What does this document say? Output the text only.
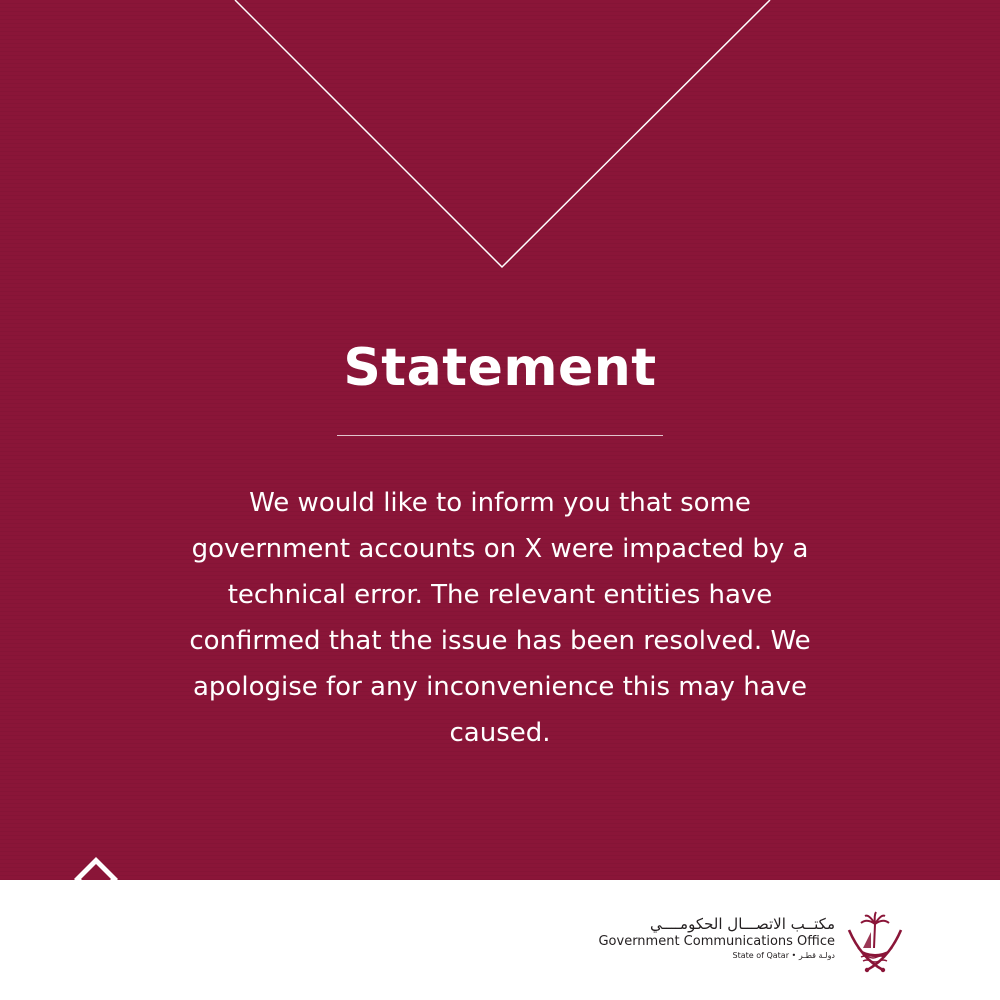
Statement

We would like to inform you that some government accounts on X were impacted by a technical error. The relevant entities have confirmed that the issue has been resolved. We apologise for any inconvenience this may have caused.

مكتــب الاتصـــال الحكومــــي
Government Communications Office
State of Qatar • دولـة قطـر
